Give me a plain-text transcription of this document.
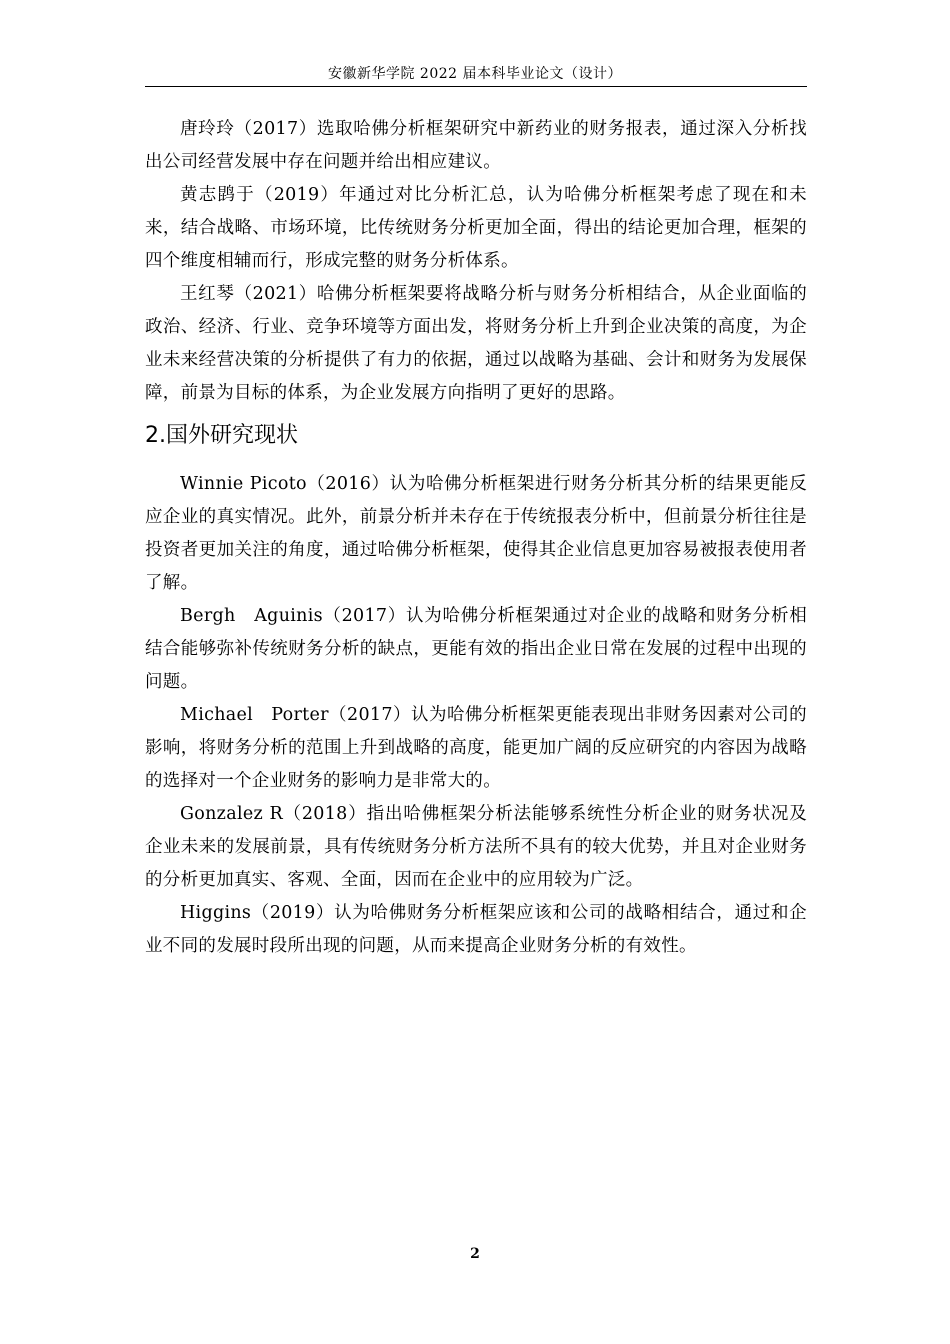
安徽新华学院 2022 届本科毕业论文（设计）

唐玲玲（2017）选取哈佛分析框架研究中新药业的财务报表，通过深入分析找出公司经营发展中存在问题并给出相应建议。

黄志鹍于（2019）年通过对比分析汇总，认为哈佛分析框架考虑了现在和未来，结合战略、市场环境，比传统财务分析更加全面，得出的结论更加合理，框架的四个维度相辅而行，形成完整的财务分析体系。

王红琴（2021）哈佛分析框架要将战略分析与财务分析相结合，从企业面临的政治、经济、行业、竞争环境等方面出发，将财务分析上升到企业决策的高度，为企业未来经营决策的分析提供了有力的依据，通过以战略为基础、会计和财务为发展保障，前景为目标的体系，为企业发展方向指明了更好的思路。

2.国外研究现状

Winnie Picoto（2016）认为哈佛分析框架进行财务分析其分析的结果更能反应企业的真实情况。此外，前景分析并未存在于传统报表分析中，但前景分析往往是投资者更加关注的角度，通过哈佛分析框架，使得其企业信息更加容易被报表使用者了解。

Bergh　Aguinis（2017）认为哈佛分析框架通过对企业的战略和财务分析相结合能够弥补传统财务分析的缺点，更能有效的指出企业日常在发展的过程中出现的问题。

Michael　Porter（2017）认为哈佛分析框架更能表现出非财务因素对公司的影响，将财务分析的范围上升到战略的高度，能更加广阔的反应研究的内容因为战略的选择对一个企业财务的影响力是非常大的。

Gonzalez R（2018）指出哈佛框架分析法能够系统性分析企业的财务状况及企业未来的发展前景，具有传统财务分析方法所不具有的较大优势，并且对企业财务的分析更加真实、客观、全面，因而在企业中的应用较为广泛。

Higgins（2019）认为哈佛财务分析框架应该和公司的战略相结合，通过和企业不同的发展时段所出现的问题，从而来提高企业财务分析的有效性。

2
